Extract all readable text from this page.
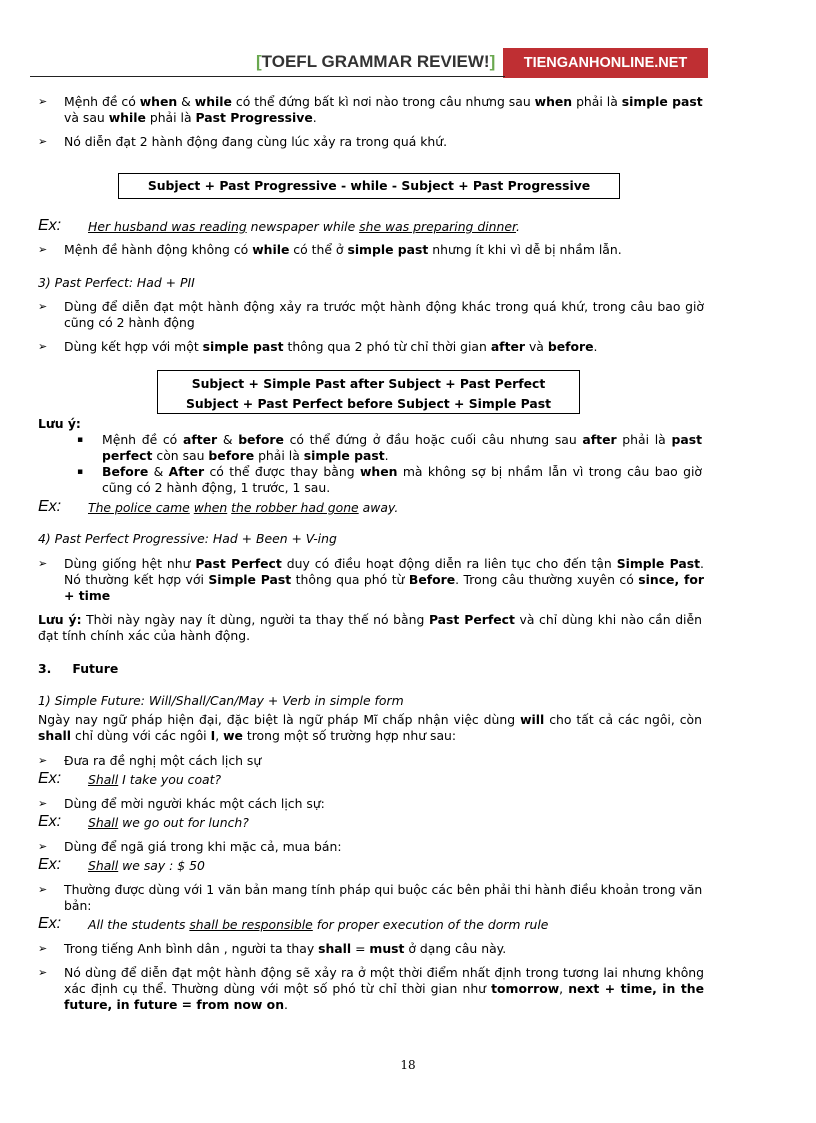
[TOEFL GRAMMAR REVIEW!]	TIENGANHONLINE.NET
➢ Mệnh đề có when & while có thể đứng bất kì nơi nào trong câu nhưng sau when phải là simple past và sau while phải là Past Progressive.
➢ Nó diễn đạt 2 hành động đang cùng lúc xảy ra trong quá khứ.
Subject + Past Progressive - while - Subject + Past Progressive
Ex: Her husband was reading newspaper while she was preparing dinner.
➢ Mệnh đề hành động không có while có thể ở simple past nhưng ít khi vì dễ bị nhầm lẫn.
3) Past Perfect: Had + PII
➢ Dùng để diễn đạt một hành động xảy ra trước một hành động khác trong quá khứ, trong câu bao giờ cũng có 2 hành động
➢ Dùng kết hợp với một simple past thông qua 2 phó từ chỉ thời gian after và before.
Subject + Simple Past after Subject + Past Perfect
Subject + Past Perfect before Subject + Simple Past
Lưu ý:
▪ Mệnh đề có after & before có thể đứng ở đầu hoặc cuối câu nhưng sau after phải là past perfect còn sau before phải là simple past.
▪ Before & After có thể được thay bằng when mà không sợ bị nhầm lẫn vì trong câu bao giờ cũng có 2 hành động, 1 trước, 1 sau.
Ex: The police came when the robber had gone away.
4) Past Perfect Progressive: Had + Been + V-ing
➢ Dùng giống hệt như Past Perfect duy có điều hoạt động diễn ra liên tục cho đến tận Simple Past. Nó thường kết hợp với Simple Past thông qua phó từ Before. Trong câu thường xuyên có since, for + time
Lưu ý: Thời này ngày nay ít dùng, người ta thay thế nó bằng Past Perfect và chỉ dùng khi nào cần diễn đạt tính chính xác của hành động.
3. Future
1) Simple Future: Will/Shall/Can/May + Verb in simple form
Ngày nay ngữ pháp hiện đại, đặc biệt là ngữ pháp Mĩ chấp nhận việc dùng will cho tất cả các ngôi, còn shall chỉ dùng với các ngôi I, we trong một số trường hợp như sau:
➢ Đưa ra đề nghị một cách lịch sự
Ex: Shall I take you coat?
➢ Dùng để mời người khác một cách lịch sự:
Ex: Shall we go out for lunch?
➢ Dùng để ngã giá trong khi mặc cả, mua bán:
Ex: Shall we say : $ 50
➢ Thường được dùng với 1 văn bản mang tính pháp qui buộc các bên phải thi hành điều khoản trong văn bản:
Ex: All the students shall be responsible for proper execution of the dorm rule
➢ Trong tiếng Anh bình dân , người ta thay shall = must ở dạng câu này.
➢ Nó dùng để diễn đạt một hành động sẽ xảy ra ở một thời điểm nhất định trong tương lai nhưng không xác định cụ thể. Thường dùng với một số phó từ chỉ thời gian như tomorrow, next + time, in the future, in future = from now on.
18
